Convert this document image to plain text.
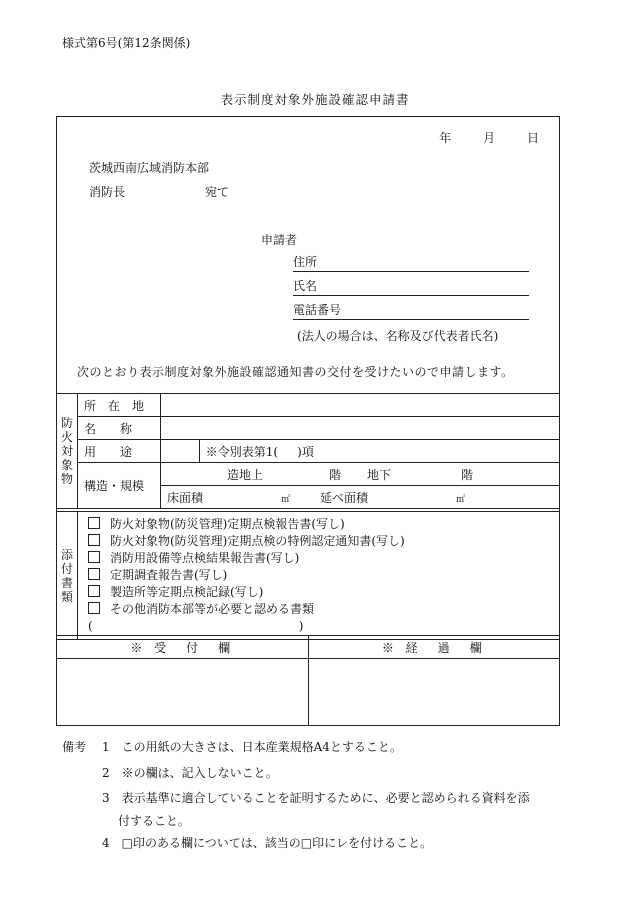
様式第6号(第12条関係)
表示制度対象外施設確認申請書
年	月	日
茨城西南広域消防本部
消防長	宛て
申請者
住所
氏名
電話番号
(法人の場合は、名称及び代表者氏名)
次のとおり表示制度対象外施設確認通知書の交付を受けたいので申請します。
防火対象物	所　在　地		
	名　　称		
	用　　途		※令別表第1( )項
	構造・規模	造地上 階 地下 階	
		床面積 ㎡ 延べ面積 ㎡	
添付書類	
防火対象物(防災管理)定期点検報告書(写し)
防火対象物(防災管理)定期点検の特例認定通知書(写し)
消防用設備等点検結果報告書(写し)
定期調査報告書(写し)
製造所等定期点検記録(写し)
その他消防本部等が必要と認める書類
(	)
※ 受　付　欄	※ 経　過　欄

備考 1　この用紙の大きさは、日本産業規格A4とすること。
2　※の欄は、記入しないこと。
3　表示基準に適合していることを証明するために、必要と認められる資料を添
付すること。
4　□印のある欄については、該当の□印にレを付けること。
